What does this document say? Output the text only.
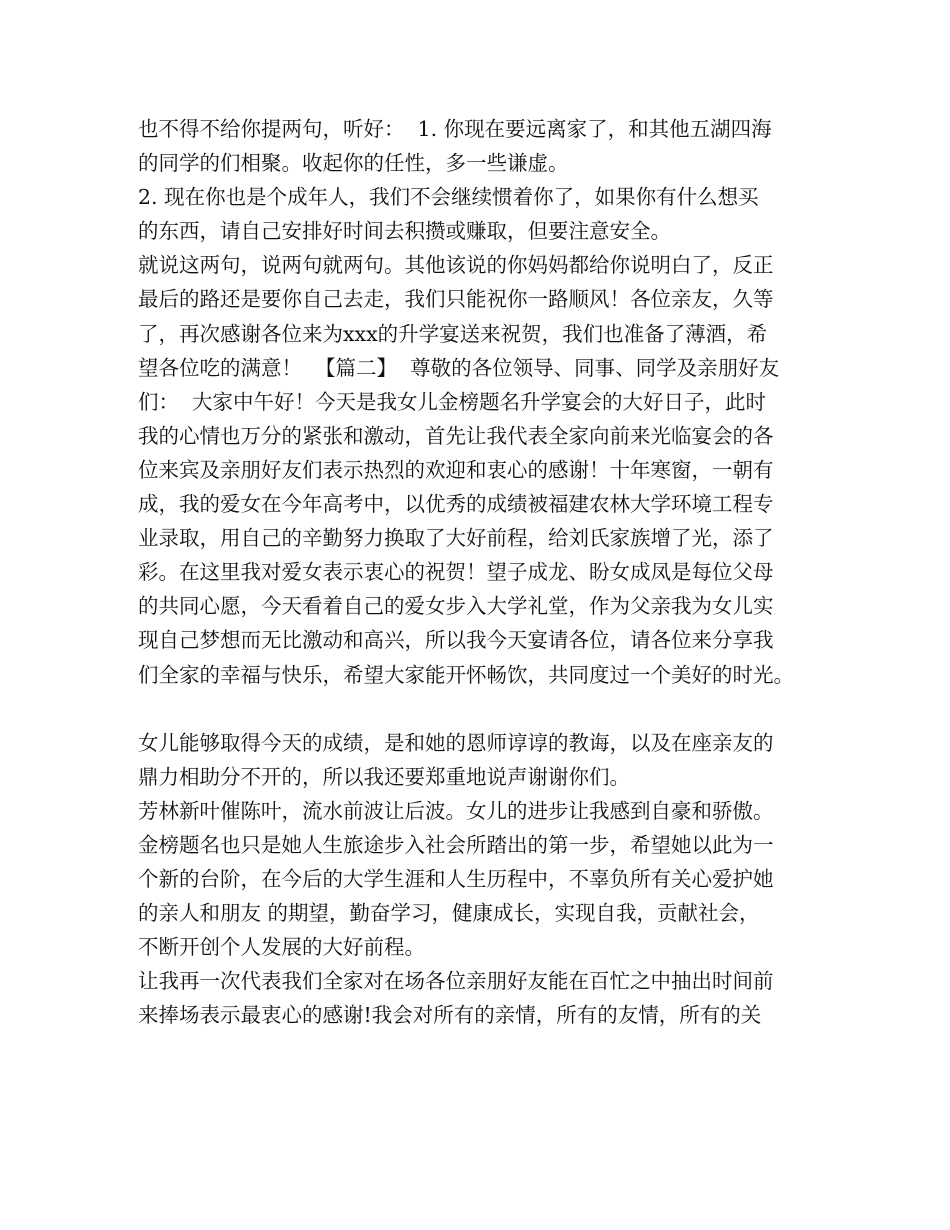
也不得不给你提两句，听好：  1. 你现在要远离家了，和其他五湖四海
的同学的们相聚。收起你的任性，多一些谦虚。

2. 现在你也是个成年人，我们不会继续惯着你了，如果你有什么想买
的东西，请自己安排好时间去积攒或赚取，但要注意安全。

就说这两句，说两句就两句。其他该说的你妈妈都给你说明白了，反正
最后的路还是要你自己去走，我们只能祝你一路顺风！各位亲友，久等
了，再次感谢各位来为xxx的升学宴送来祝贺，我们也准备了薄酒，希
望各位吃的满意！  【篇二】  尊敬的各位领导、同事、同学及亲朋好友
们：  大家中午好！今天是我女儿金榜题名升学宴会的大好日子，此时
我的心情也万分的紧张和激动，首先让我代表全家向前来光临宴会的各
位来宾及亲朋好友们表示热烈的欢迎和衷心的感谢！十年寒窗，一朝有
成，我的爱女在今年高考中，以优秀的成绩被福建农林大学环境工程专
业录取，用自己的辛勤努力换取了大好前程，给刘氏家族增了光，添了
彩。在这里我对爱女表示衷心的祝贺！望子成龙、盼女成凤是每位父母
的共同心愿，今天看着自己的爱女步入大学礼堂，作为父亲我为女儿实
现自己梦想而无比激动和高兴，所以我今天宴请各位，请各位来分享我
们全家的幸福与快乐，希望大家能开怀畅饮，共同度过一个美好的时光。

女儿能够取得今天的成绩，是和她的恩师谆谆的教诲，以及在座亲友的
鼎力相助分不开的，所以我还要郑重地说声谢谢你们。

芳林新叶催陈叶，流水前波让后波。女儿的进步让我感到自豪和骄傲。
金榜题名也只是她人生旅途步入社会所踏出的第一步，希望她以此为一
个新的台阶，在今后的大学生涯和人生历程中，不辜负所有关心爱护她
的亲人和朋友 的期望，勤奋学习，健康成长，实现自我，贡献社会，
不断开创个人发展的大好前程。

让我再一次代表我们全家对在场各位亲朋好友能在百忙之中抽出时间前
来捧场表示最衷心的感谢!我会对所有的亲情，所有的友情，所有的关
